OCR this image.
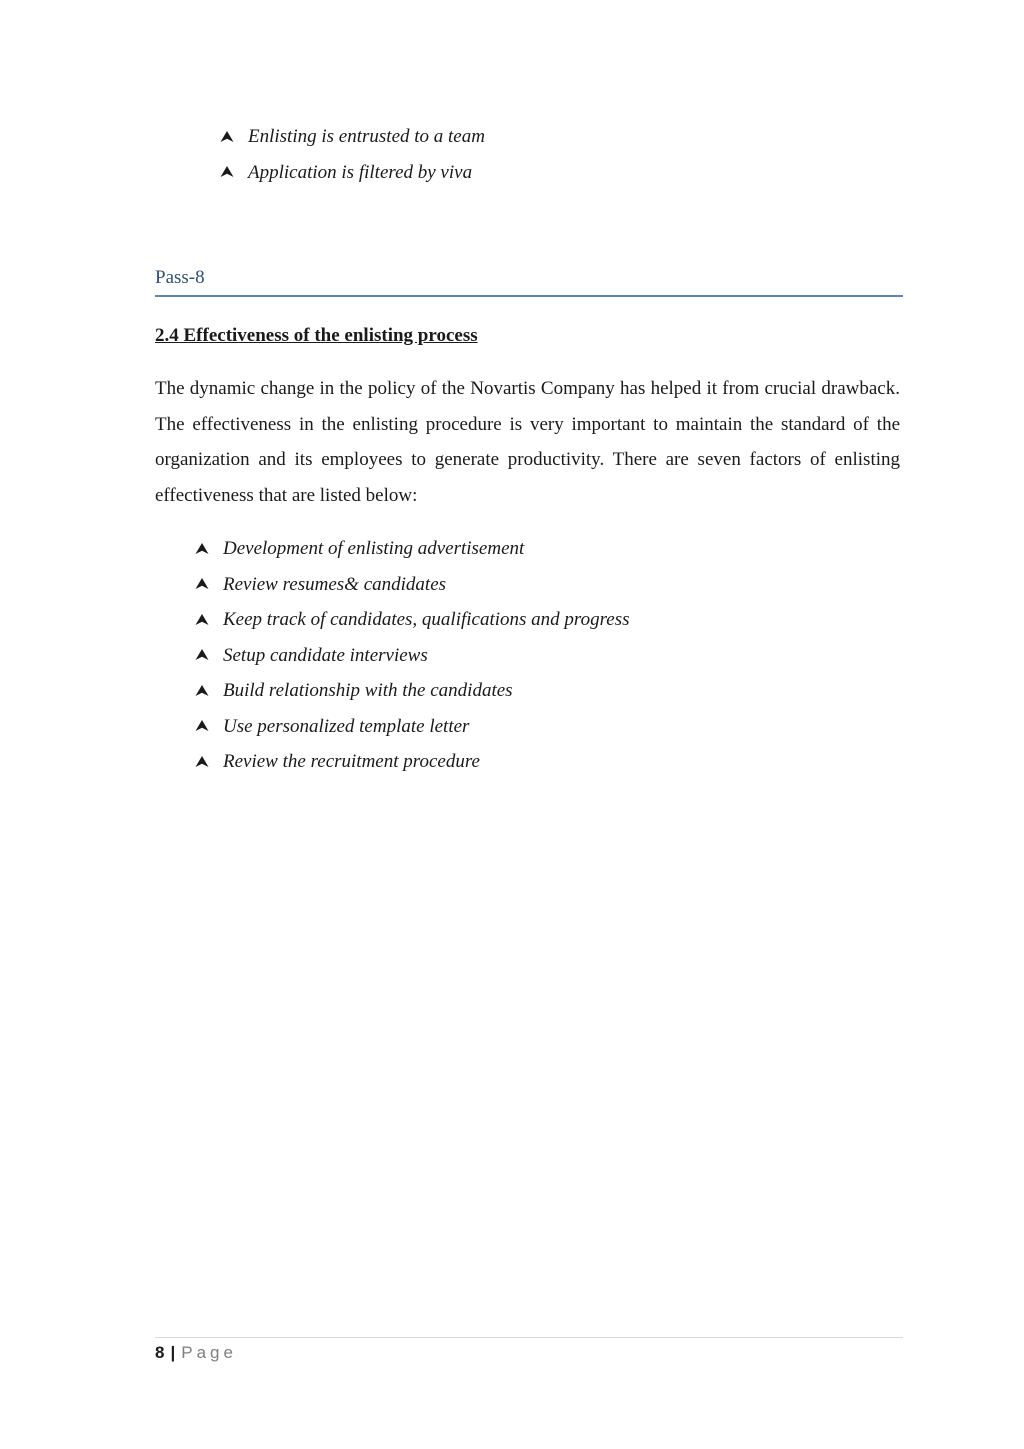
Enlisting is entrusted to a team
Application is filtered by viva
Pass-8
2.4 Effectiveness of the enlisting process

The dynamic change in the policy of the Novartis Company has helped it from crucial drawback. The effectiveness in the enlisting procedure is very important to maintain the standard of the organization and its employees to generate productivity. There are seven factors of enlisting effectiveness that are listed below:

Development of enlisting advertisement
Review resumes& candidates
Keep track of candidates, qualifications and progress
Setup candidate interviews
Build relationship with the candidates
Use personalized template letter
Review the recruitment procedure
8 | Page
